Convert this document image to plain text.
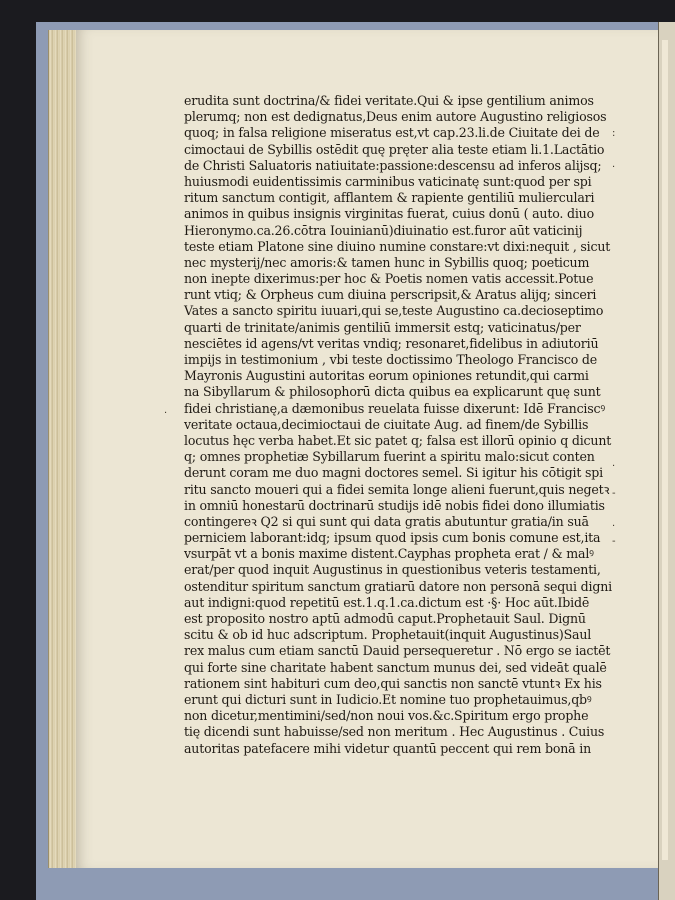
:
·
·
.
-
.
-
erudita sunt doctrina/& fidei veritate.Qui & ipse gentilium animos
plerumq; non est dedignatus,Deus enim autore Augustino religiosos
quoq; in falsa religione miseratus est,vt cap.23.li.de Ciuitate dei de
cimoctaui de Sybillis ostēdit quę pręter alia teste etiam li.1.Lactātio
de Christi Saluatoris natiuitate:passione:descensu ad inferos alijsq;
huiusmodi euidentissimis carminibus vaticinatę sunt:quod per spi
ritum sanctum contigit, afflantem & rapiente gentiliū mulierculari
animos in quibus insignis virginitas fuerat, cuius donū ( auto. diuo
Hieronymo.ca.26.cōtra Iouinianū)diuinatio est.furor aūt vaticinij
teste etiam Platone sine diuino numine constare:vt dixi:nequit , sicut
nec mysterij/nec amoris:& tamen hunc in Sybillis quoq; poeticum
non inepte dixerimus:per hoc & Poetis nomen vatis accessit.Potue
runt vtiq; & Orpheus cum diuina perscripsit,& Aratus alijq; sinceri
Vates a sancto spiritu iuuari,qui se,teste Augustino ca.decioseptimo
quarti de trinitate/animis gentiliū immersit estq; vaticinatus/per
nesciētes id agens/vt veritas vndiq; resonaret,fidelibus in adiutoriū
impijs in testimonium , vbi teste doctissimo Theologo Francisco de
Mayronis Augustini autoritas eorum opiniones retundit,qui carmi
na Sibyllarum & philosophorū dicta quibus ea explicarunt quę sunt
fidei christianę,a dæmonibus reuelata fuisse dixerunt: Idē Franciscꝰ
veritate octaua,decimioctaui de ciuitate Aug. ad finem/de Sybillis
locutus hęc verba habet.Et sic patet q; falsa est illorū opinio q dicunt
q; omnes prophetiæ Sybillarum fuerint a spiritu malo:sicut conten
derunt coram me duo magni doctores semel. Si igitur his cōtigit spi
ritu sancto moueri qui a fidei semita longe alieni fuerunt,quis negetꝛ
in omniū honestarū doctrinarū studijs idē nobis fidei dono illumiatis
contingereꝛ Q2 si qui sunt qui data gratis abutuntur gratia/in suā
perniciem laborant:idq; ipsum quod ipsis cum bonis comune est,ita
vsurpāt vt a bonis maxime distent.Cayphas propheta erat / & malꝰ
erat/per quod inquit Augustinus in questionibus veteris testamenti,
ostenditur spiritum sanctum gratiarū datore non personā sequi digni
aut indigni:quod repetitū est.1.q.1.ca.dictum est ·§· Hoc aūt.Ibidē
est proposito nostro aptū admodū caput.Prophetauit Saul. Dignū
scitu & ob id huc adscriptum. Prophetauit(inquit Augustinus)Saul
rex malus cum etiam sanctū Dauid persequeretur . Nō ergo se iactēt
qui forte sine charitate habent sanctum munus dei, sed videāt qualē
rationem sint habituri cum deo,qui sanctis non sanctē vtuntꝛ Ex his
erunt qui dicturi sunt in Iudicio.Et nomine tuo prophetauimus,qbꝰ
non dicetur,mentimini/sed/non noui vos.&c.Spiritum ergo prophe
tię dicendi sunt habuisse/sed non meritum . Hec Augustinus . Cuius
autoritas patefacere mihi videtur quantū peccent qui rem bonā in
